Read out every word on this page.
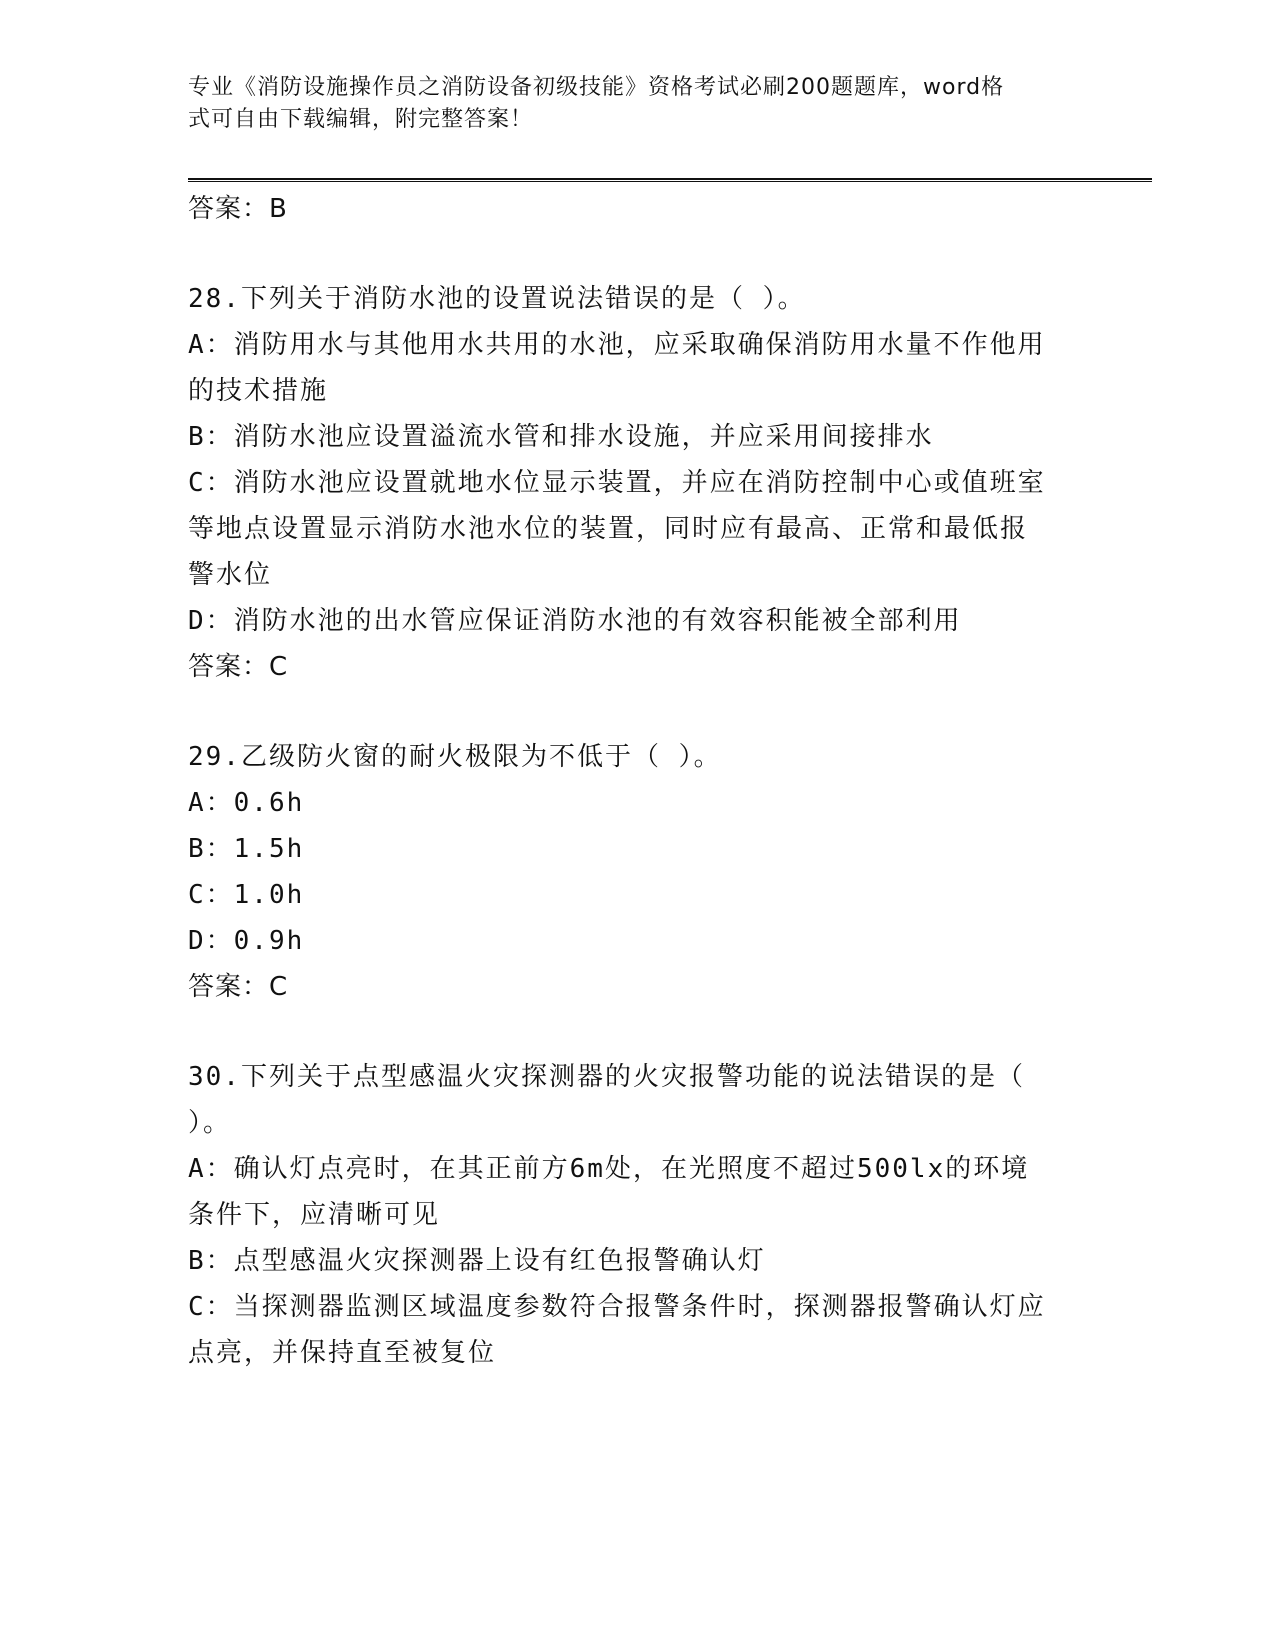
专业《消防设施操作员之消防设备初级技能》资格考试必刷200题题库，word格
式可自由下载编辑，附完整答案！
答案：B
28.下列关于消防水池的设置说法错误的是（ ）。
A：消防用水与其他用水共用的水池，应采取确保消防用水量不作他用
的技术措施
B：消防水池应设置溢流水管和排水设施，并应采用间接排水
C：消防水池应设置就地水位显示装置，并应在消防控制中心或值班室
等地点设置显示消防水池水位的装置，同时应有最高、正常和最低报
警水位
D：消防水池的出水管应保证消防水池的有效容积能被全部利用
答案：C
29.乙级防火窗的耐火极限为不低于（ ）。
A：0.6h
B：1.5h
C：1.0h
D：0.9h
答案：C
30.下列关于点型感温火灾探测器的火灾报警功能的说法错误的是（
）。
A：确认灯点亮时，在其正前方6m处，在光照度不超过500lx的环境
条件下，应清晰可见
B：点型感温火灾探测器上设有红色报警确认灯
C：当探测器监测区域温度参数符合报警条件时，探测器报警确认灯应
点亮，并保持直至被复位
